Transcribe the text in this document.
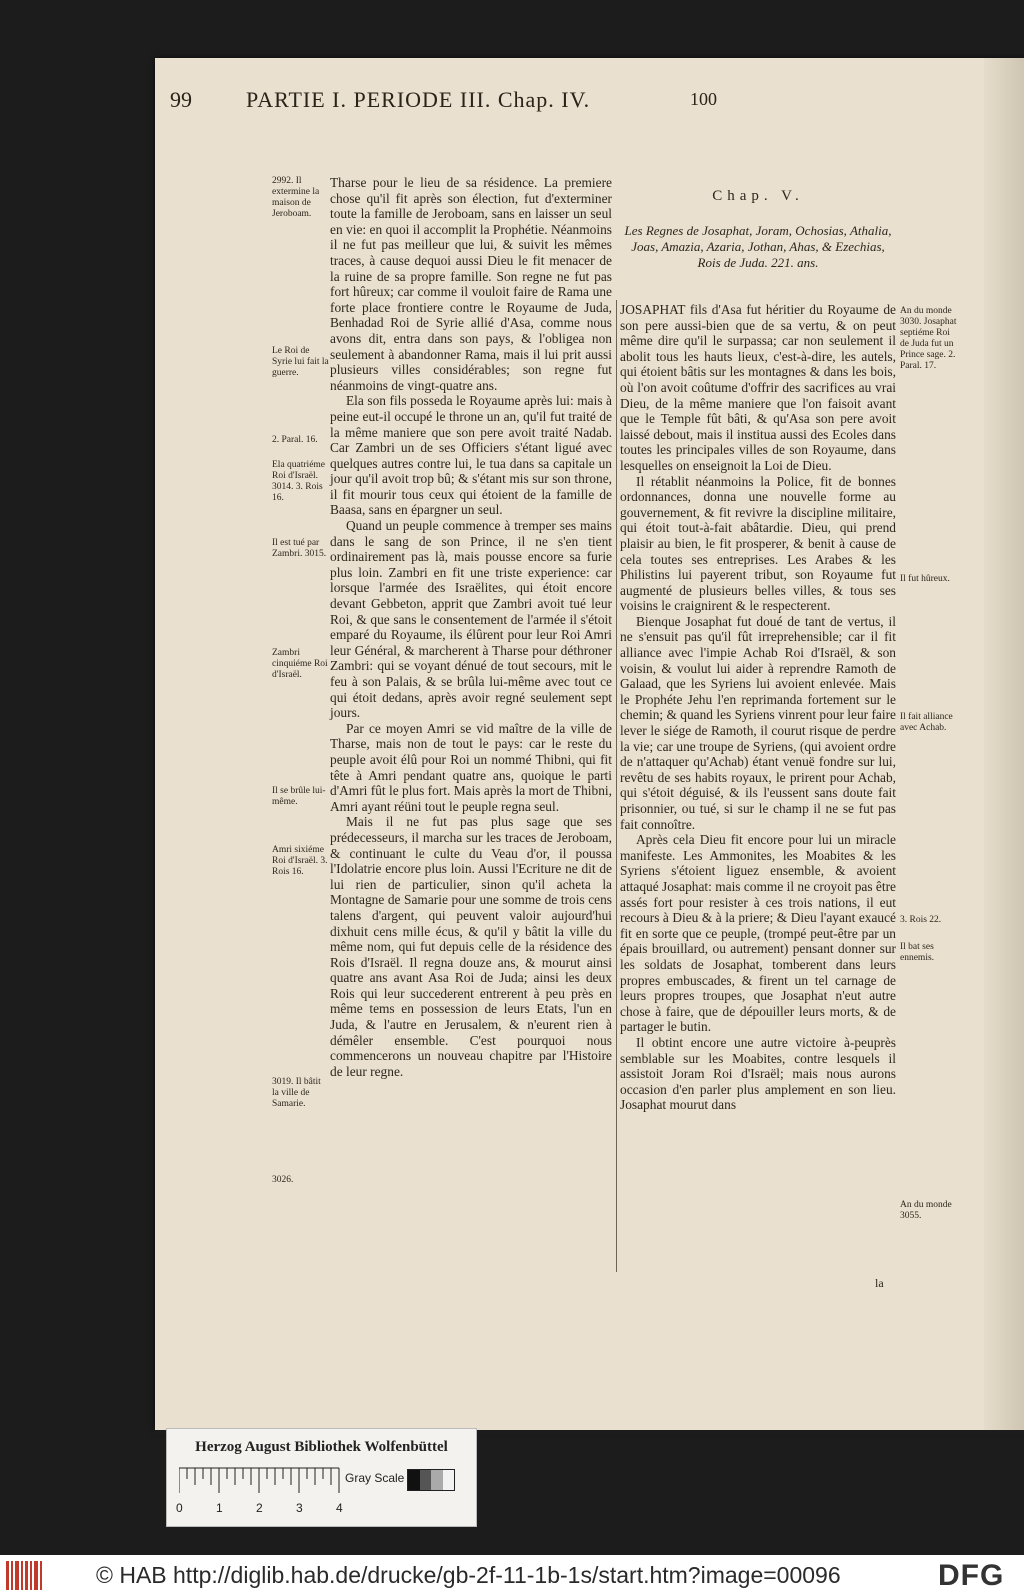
99 PARTIE I. PERIODE III. Chap. IV.	100
2992. Il extermine la maison de Jeroboam.
Le Roi de Syrie lui fait la guerre.
2. Paral. 16.
Ela quatriéme Roi d'Israël. 3014. 3. Rois 16.
Il est tué par Zambri. 3015.
Zambri cinquiéme Roi d'Israël.
Il se brûle lui-même.
Amri sixiéme Roi d'Israël. 3. Rois 16.
3019. Il bâtit la ville de Samarie.
3026.

Tharse pour le lieu de sa résidence. La premiere chose qu'il fit après son élection, fut d'exterminer toute la famille de Jeroboam, sans en laisser un seul en vie: en quoi il accomplit la Prophétie. Néanmoins il ne fut pas meilleur que lui, & suivit les mêmes traces, à cause dequoi aussi Dieu le fit menacer de la ruine de sa propre famille. Son regne ne fut pas fort hûreux; car comme il vouloit faire de Rama une forte place frontiere contre le Royaume de Juda, Benhadad Roi de Syrie allié d'Asa, comme nous avons dit, entra dans son pays, & l'obligea non seulement à abandonner Rama, mais il lui prit aussi plusieurs villes considérables; son regne fut néanmoins de vingt-quatre ans.

Ela son fils posseda le Royaume après lui: mais à peine eut-il occupé le throne un an, qu'il fut traité de la même maniere que son pere avoit traité Nadab. Car Zambri un de ses Officiers s'étant ligué avec quelques autres contre lui, le tua dans sa capitale un jour qu'il avoit trop bû; & s'étant mis sur son throne, il fit mourir tous ceux qui étoient de la famille de Baasa, sans en épargner un seul.

Quand un peuple commence à tremper ses mains dans le sang de son Prince, il ne s'en tient ordinairement pas là, mais pousse encore sa furie plus loin. Zambri en fit une triste experience: car lorsque l'armée des Israëlites, qui étoit encore devant Gebbeton, apprit que Zambri avoit tué leur Roi, & que sans le consentement de l'armée il s'étoit emparé du Royaume, ils élûrent pour leur Roi Amri leur Général, & marcherent à Tharse pour déthroner Zambri: qui se voyant dénué de tout secours, mit le feu à son Palais, & se brûla lui-même avec tout ce qui étoit dedans, après avoir regné seulement sept jours.

Par ce moyen Amri se vid maître de la ville de Tharse, mais non de tout le pays: car le reste du peuple avoit élû pour Roi un nommé Thibni, qui fit tête à Amri pendant quatre ans, quoique le parti d'Amri fût le plus fort. Mais après la mort de Thibni, Amri ayant réüni tout le peuple regna seul.

Mais il ne fut pas plus sage que ses prédecesseurs, il marcha sur les traces de Jeroboam, & continuant le culte du Veau d'or, il poussa l'Idolatrie encore plus loin. Aussi l'Ecriture ne dit de lui rien de particulier, sinon qu'il acheta la Montagne de Samarie pour une somme de trois cens talens d'argent, qui peuvent valoir aujourd'hui dixhuit cens mille écus, & qu'il y bâtit la ville du même nom, qui fut depuis celle de la résidence des Rois d'Israël. Il regna douze ans, & mourut ainsi quatre ans avant Asa Roi de Juda; ainsi les deux Rois qui leur succederent entrerent à peu près en même tems en possession de leurs Etats, l'un en Juda, & l'autre en Jerusalem, & n'eurent rien à démêler ensemble. C'est pourquoi nous commencerons un nouveau chapitre par l'Histoire de leur regne.

Chap. V.
Les Regnes de Josaphat, Joram, Ochosias, Athalia, Joas, Amazia, Azaria, Jothan, Ahas, & Ezechias, Rois de Juda. 221. ans.

JOSAPHAT fils d'Asa fut héritier du Royaume de son pere aussi-bien que de sa vertu, & on peut même dire qu'il le surpassa; car non seulement il abolit tous les hauts lieux, c'est-à-dire, les autels, qui étoient bâtis sur les montagnes & dans les bois, où l'on avoit coûtume d'offrir des sacrifices au vrai Dieu, de la même maniere que l'on faisoit avant que le Temple fût bâti, & qu'Asa son pere avoit laissé debout, mais il institua aussi des Ecoles dans toutes les principales villes de son Royaume, dans lesquelles on enseignoit la Loi de Dieu.

Il rétablit néanmoins la Police, fit de bonnes ordonnances, donna une nouvelle forme au gouvernement, & fit revivre la discipline militaire, qui étoit tout-à-fait abâtardie. Dieu, qui prend plaisir au bien, le fit prosperer, & benit à cause de cela toutes ses entreprises. Les Arabes & les Philistins lui payerent tribut, son Royaume fut augmenté de plusieurs belles villes, & tous ses voisins le craignirent & le respecterent.

Bienque Josaphat fut doué de tant de vertus, il ne s'ensuit pas qu'il fût irreprehensible; car il fit alliance avec l'impie Achab Roi d'Israël, & son voisin, & voulut lui aider à reprendre Ramoth de Galaad, que les Syriens lui avoient enlevée. Mais le Prophéte Jehu l'en reprimanda fortement sur le chemin; & quand les Syriens vinrent pour leur faire lever le siége de Ramoth, il courut risque de perdre la vie; car une troupe de Syriens, (qui avoient ordre de n'attaquer qu'Achab) étant venuë fondre sur lui, revêtu de ses habits royaux, le prirent pour Achab, qui s'étoit déguisé, & ils l'eussent sans doute fait prisonnier, ou tué, si sur le champ il ne se fut pas fait connoître.

Après cela Dieu fit encore pour lui un miracle manifeste. Les Ammonites, les Moabites & les Syriens s'étoient liguez ensemble, & avoient attaqué Josaphat: mais comme il ne croyoit pas être assés fort pour resister à ces trois nations, il eut recours à Dieu & à la priere; & Dieu l'ayant exaucé fit en sorte que ce peuple, (trompé peut-être par un épais brouillard, ou autrement) pensant donner sur les soldats de Josaphat, tomberent dans leurs propres embuscades, & firent un tel carnage de leurs propres troupes, que Josaphat n'eut autre chose à faire, que de dépouiller leurs morts, & de partager le butin.

Il obtint encore une autre victoire à-peuprès semblable sur les Moabites, contre lesquels il assistoit Joram Roi d'Israël; mais nous aurons occasion d'en parler plus amplement en son lieu. Josaphat mourut dans

An du monde 3030. Josaphat septiéme Roi de Juda fut un Prince sage. 2. Paral. 17.
Il fut hûreux.
Il fait alliance avec Achab.
3. Rois 22.
Il bat ses ennemis.
An du monde 3055.
la
Herzog August Bibliothek Wolfenbüttel
0	1	2	3	4
Gray Scale
© HAB http://diglib.hab.de/drucke/gb-2f-11-1b-1s/start.htm?image=00096	DFG
